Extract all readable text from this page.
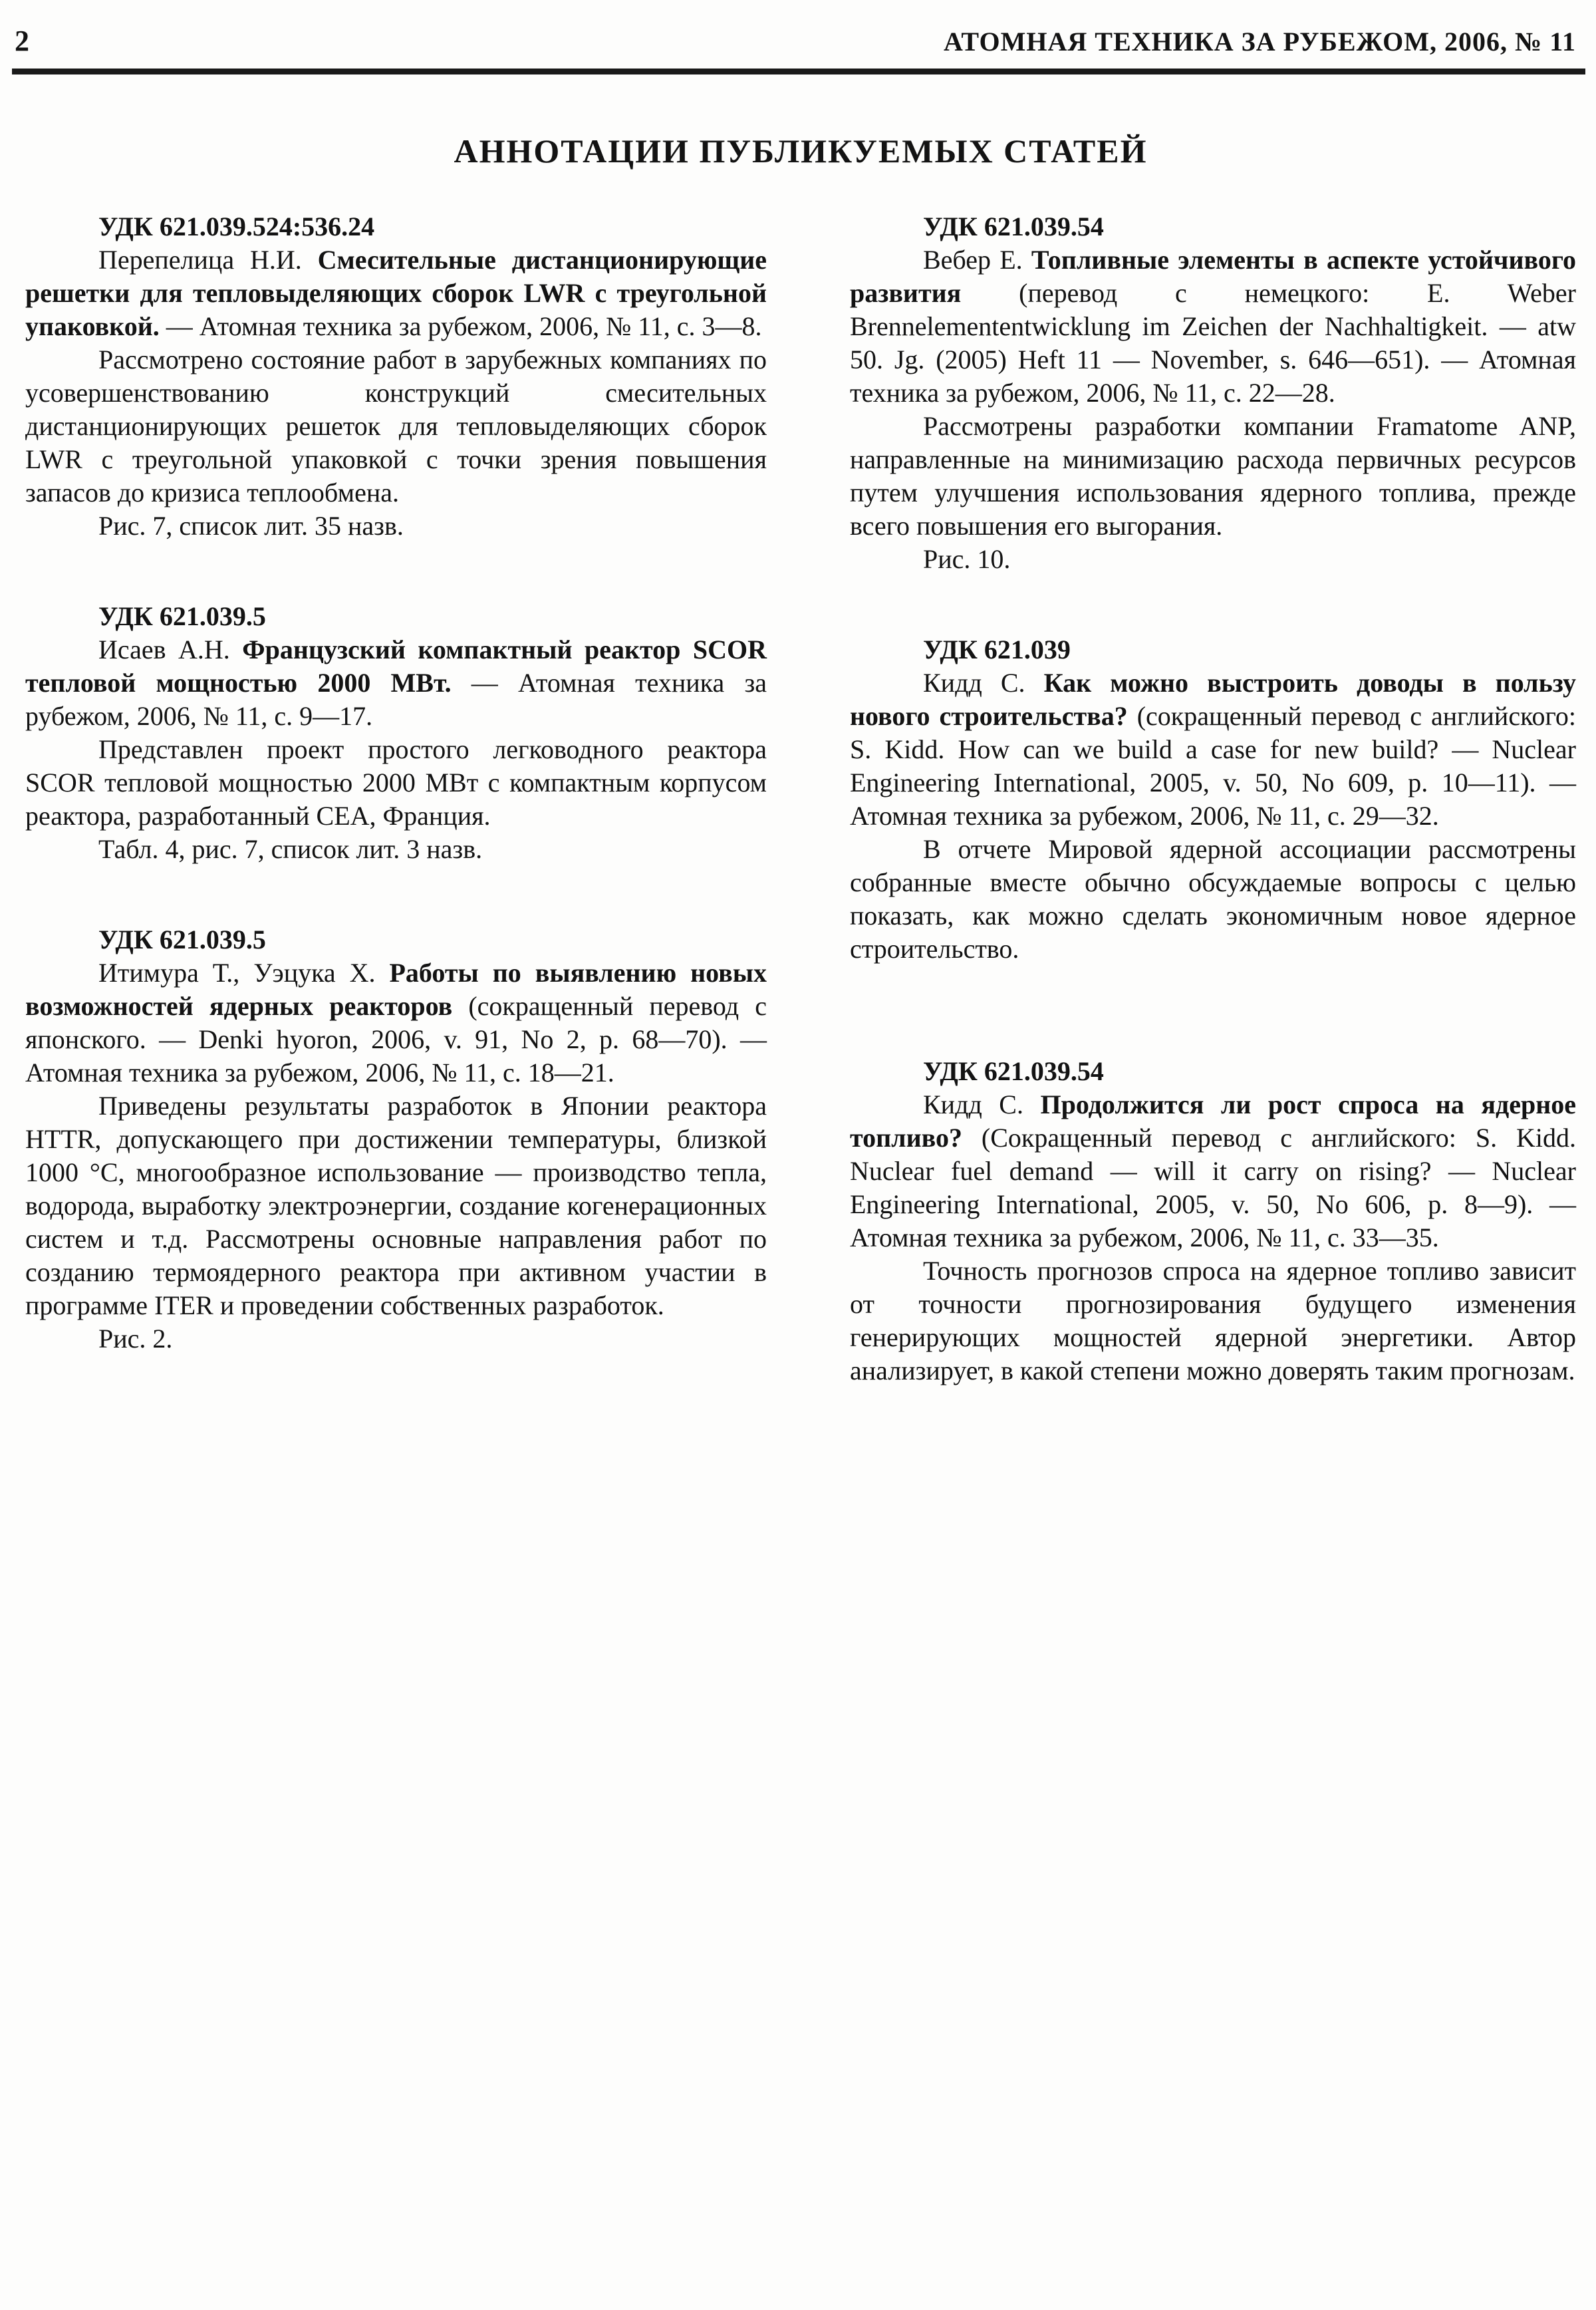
2	АТОМНАЯ ТЕХНИКА ЗА РУБЕЖОМ, 2006, № 11
АННОТАЦИИ ПУБЛИКУЕМЫХ СТАТЕЙ

УДК 621.039.524:536.24

Перепелица Н.И. Смесительные дистанционирующие решетки для тепловыделяющих сборок LWR с треугольной упаковкой. — Атомная техника за рубежом, 2006, № 11, с. 3—8.

Рассмотрено состояние работ в зарубежных компаниях по усовершенствованию конструкций смесительных дистанционирующих решеток для тепловыделяющих сборок LWR с треугольной упаковкой с точки зрения повышения запасов до кризиса теплообмена.

Рис. 7, список лит. 35 назв.

УДК 621.039.5

Исаев А.Н. Французский компактный реактор SCOR тепловой мощностью 2000 МВт. — Атомная техника за рубежом, 2006, № 11, с. 9—17.

Представлен проект простого легководного реактора SCOR тепловой мощностью 2000 МВт с компактным корпусом реактора, разработанный CEA, Франция.

Табл. 4, рис. 7, список лит. 3 назв.

УДК 621.039.5

Итимура Т., Уэцука Х. Работы по выявлению новых возможностей ядерных реакторов (сокращенный перевод с японского. — Denki hyoron, 2006, v. 91, No 2, p. 68—70). — Атомная техника за рубежом, 2006, № 11, с. 18—21.

Приведены результаты разработок в Японии реактора HTTR, допускающего при достижении температуры, близкой 1000 °C, многообразное использование — производство тепла, водорода, выработку электроэнергии, создание когенерационных систем и т.д. Рассмотрены основные направления работ по созданию термоядерного реактора при активном участии в программе ITER и проведении собственных разработок.

Рис. 2.

УДК 621.039.54

Вебер Е. Топливные элементы в аспекте устойчивого развития (перевод с немецкого: E. Weber Brennelemententwicklung im Zeichen der Nachhaltigkeit. — atw 50. Jg. (2005) Heft 11 — November, s. 646—651). — Атомная техника за рубежом, 2006, № 11, с. 22—28.

Рассмотрены разработки компании Framatome ANP, направленные на минимизацию расхода первичных ресурсов путем улучшения использования ядерного топлива, прежде всего повышения его выгорания.

Рис. 10.

УДК 621.039

Кидд С. Как можно выстроить доводы в пользу нового строительства? (сокращенный перевод с английского: S. Kidd. How can we build a case for new build? — Nuclear Engineering International, 2005, v. 50, No 609, p. 10—11). — Атомная техника за рубежом, 2006, № 11, с. 29—32.

В отчете Мировой ядерной ассоциации рассмотрены собранные вместе обычно обсуждаемые вопросы с целью показать, как можно сделать экономичным новое ядерное строительство.

УДК 621.039.54

Кидд С. Продолжится ли рост спроса на ядерное топливо? (Сокращенный перевод с английского: S. Kidd. Nuclear fuel demand — will it carry on rising? — Nuclear Engineering International, 2005, v. 50, No 606, p. 8—9). — Атомная техника за рубежом, 2006, № 11, с. 33—35.

Точность прогнозов спроса на ядерное топливо зависит от точности прогнозирования будущего изменения генерирующих мощностей ядерной энергетики. Автор анализирует, в какой степени можно доверять таким прогнозам.
